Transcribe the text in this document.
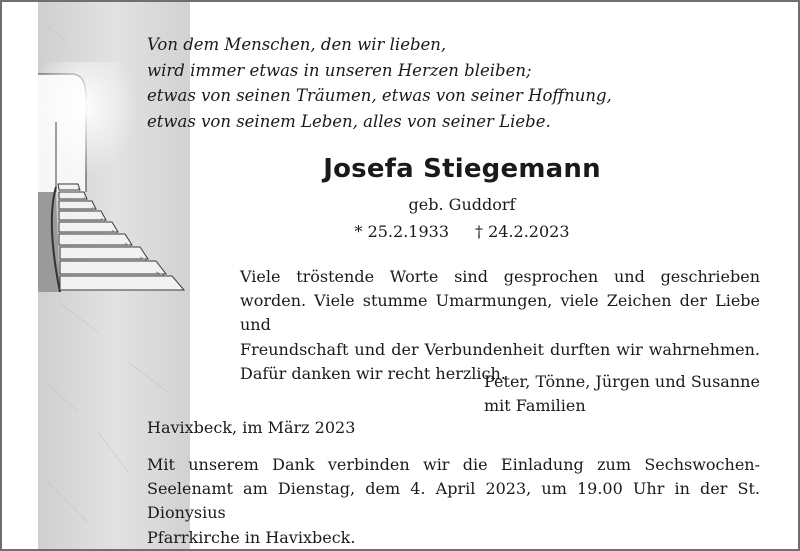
Von dem Menschen, den wir lieben,
wird immer etwas in unseren Herzen bleiben;
etwas von seinen Träumen, etwas von seiner Hoffnung,
etwas von seinem Leben, alles von seiner Liebe.
Josefa Stiegemann
geb. Guddorf
* 25.2.1933 † 24.2.2023
Viele tröstende Worte sind gesprochen und geschrieben
worden. Viele stumme Umarmungen, viele Zeichen der Liebe und
Freundschaft und der Verbundenheit durften wir wahrnehmen.
Dafür danken wir recht herzlich.
Peter, Tönne, Jürgen und Susanne
mit Familien
Havixbeck, im März 2023
Mit unserem Dank verbinden wir die Einladung zum Sechswochen-
Seelenamt am Dienstag, dem 4. April 2023, um 19.00 Uhr in der St. Dionysius
Pfarrkirche in Havixbeck.
